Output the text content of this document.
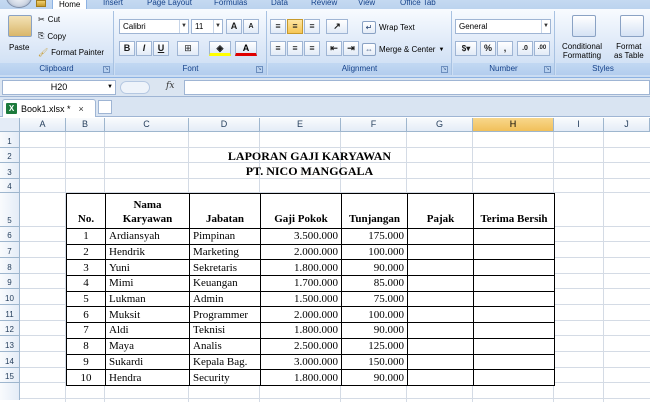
Home	Insert	Page Layout	Formulas	Data	Review	View	Office Tab
Paste
✂ Cut
⎘ Copy
🖌 Format Painter
Clipboard	↘
Calibri	▼	11	▼	A	A
B	I	U	⊞	◈	A
Font	↘
≡	≡	≡	↗	↵ Wrap Text
≡	≡	≡	⇤	⇥	⇔ Merge & Center ▼
Alignment	↘
General	▼
$▾	%	,	.0	.00
Number	↘
Conditional
Formatting
Format
as Table
Styles
H20	▼	fx
X Book1.xlsx * ×
A	B	C	D	E	F	G	H	I	J
1
2
3
4
5
6
7
8
9
10
11
12
13
14
15
LAPORAN GAJI KARYAWAN
PT. NICO MANGGALA
No.	Nama Karyawan	Jabatan	Gaji Pokok	Tunjangan	Pajak	Terima Bersih
1	Ardiansyah	Pimpinan	3.500.000	175.000		
2	Hendrik	Marketing	2.000.000	100.000		
3	Yuni	Sekretaris	1.800.000	90.000		
4	Mimi	Keuangan	1.700.000	85.000		
5	Lukman	Admin	1.500.000	75.000		
6	Muksit	Programmer	2.000.000	100.000		
7	Aldi	Teknisi	1.800.000	90.000		
8	Maya	Analis	2.500.000	125.000		
9	Sukardi	Kepala Bag.	3.000.000	150.000		
10	Hendra	Security	1.800.000	90.000		
